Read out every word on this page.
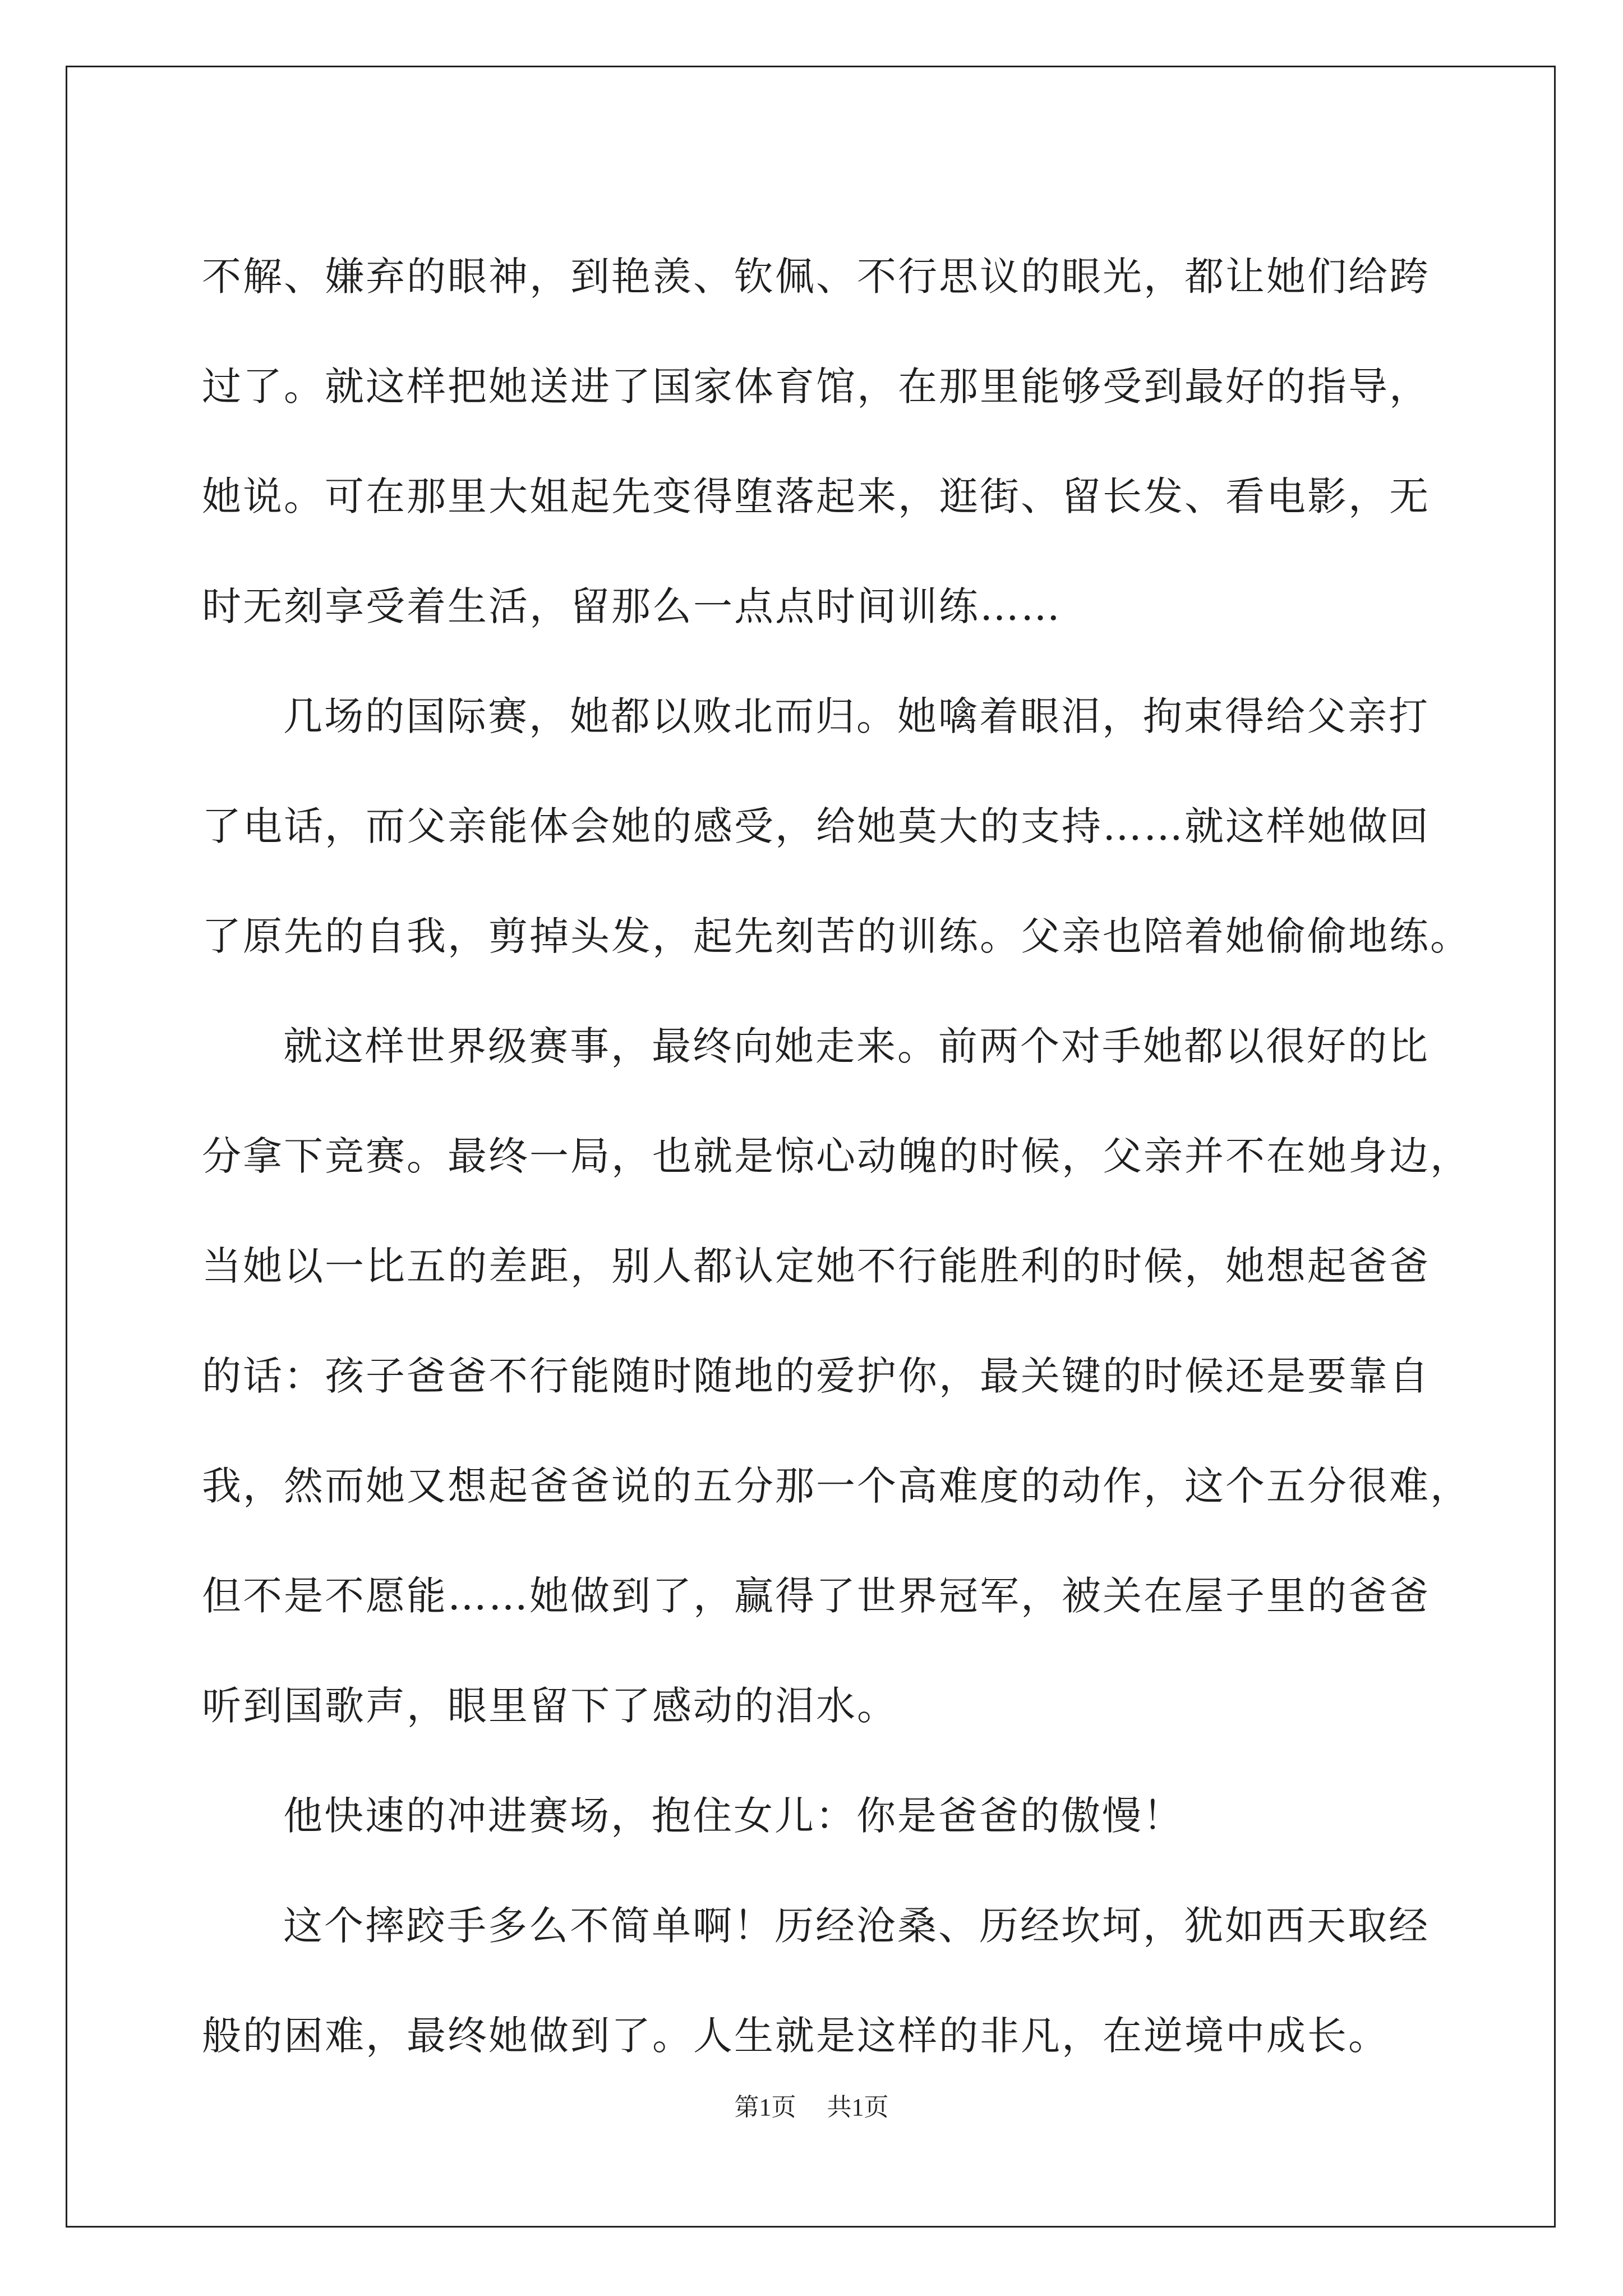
不解、嫌弃的眼神，到艳羡、钦佩、不行思议的眼光，都让她们给跨
过了。就这样把她送进了国家体育馆，在那里能够受到最好的指导，
她说。可在那里大姐起先变得堕落起来，逛街、留长发、看电影，无
时无刻享受着生活，留那么一点点时间训练……
几场的国际赛，她都以败北而归。她噙着眼泪，拘束得给父亲打
了电话，而父亲能体会她的感受，给她莫大的支持……就这样她做回
了原先的自我，剪掉头发，起先刻苦的训练。父亲也陪着她偷偷地练。
就这样世界级赛事，最终向她走来。前两个对手她都以很好的比
分拿下竞赛。最终一局，也就是惊心动魄的时候，父亲并不在她身边，
当她以一比五的差距，别人都认定她不行能胜利的时候，她想起爸爸
的话：孩子爸爸不行能随时随地的爱护你，最关键的时候还是要靠自
我，然而她又想起爸爸说的五分那一个高难度的动作，这个五分很难，
但不是不愿能……她做到了，赢得了世界冠军，被关在屋子里的爸爸
听到国歌声，眼里留下了感动的泪水。
他快速的冲进赛场，抱住女儿：你是爸爸的傲慢！
这个摔跤手多么不简单啊！历经沧桑、历经坎坷，犹如西天取经
般的困难，最终她做到了。人生就是这样的非凡，在逆境中成长。
第1页 共1页
